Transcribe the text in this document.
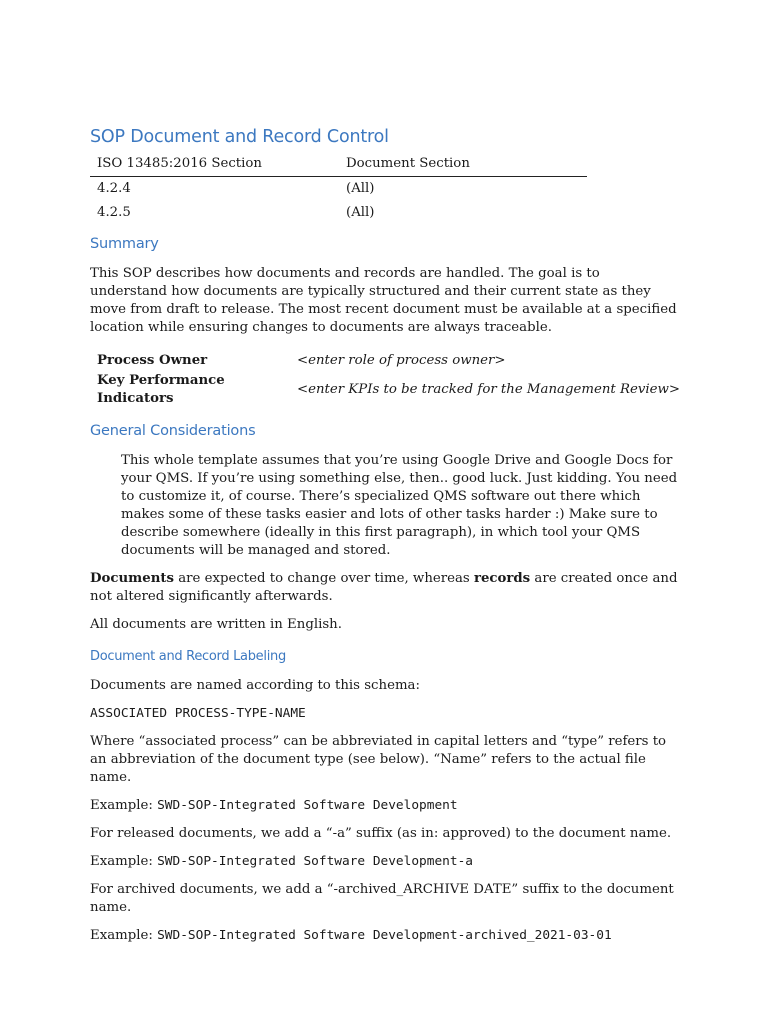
SOP Document and Record Control
ISO 13485:2016 Section	Document Section
4.2.4	(All)
4.2.5	(All)
Summary

This SOP describes how documents and records are handled. The goal is to understand how documents are typically structured and their current state as they move from draft to release. The most recent document must be available at a specified location while ensuring changes to documents are always traceable.

Process Owner	<enter role of process owner>
Key Performance Indicators	<enter KPIs to be tracked for the Management Review>
General Considerations

This whole template assumes that you’re using Google Drive and Google Docs for your QMS. If you’re using something else, then.. good luck. Just kidding. You need to customize it, of course. There’s specialized QMS software out there which makes some of these tasks easier and lots of other tasks harder :) Make sure to describe somewhere (ideally in this first paragraph), in which tool your QMS documents will be managed and stored.

Documents are expected to change over time, whereas records are created once and not altered significantly afterwards.

All documents are written in English.

Document and Record Labeling

Documents are named according to this schema:

ASSOCIATED PROCESS-TYPE-NAME

Where “associated process” can be abbreviated in capital letters and “type” refers to an abbreviation of the document type (see below). “Name” refers to the actual file name.

Example: SWD-SOP-Integrated Software Development

For released documents, we add a “-a” suffix (as in: approved) to the document name.

Example: SWD-SOP-Integrated Software Development-a

For archived documents, we add a “-archived_ARCHIVE DATE” suffix to the document name.

Example: SWD-SOP-Integrated Software Development-archived_2021-03-01
